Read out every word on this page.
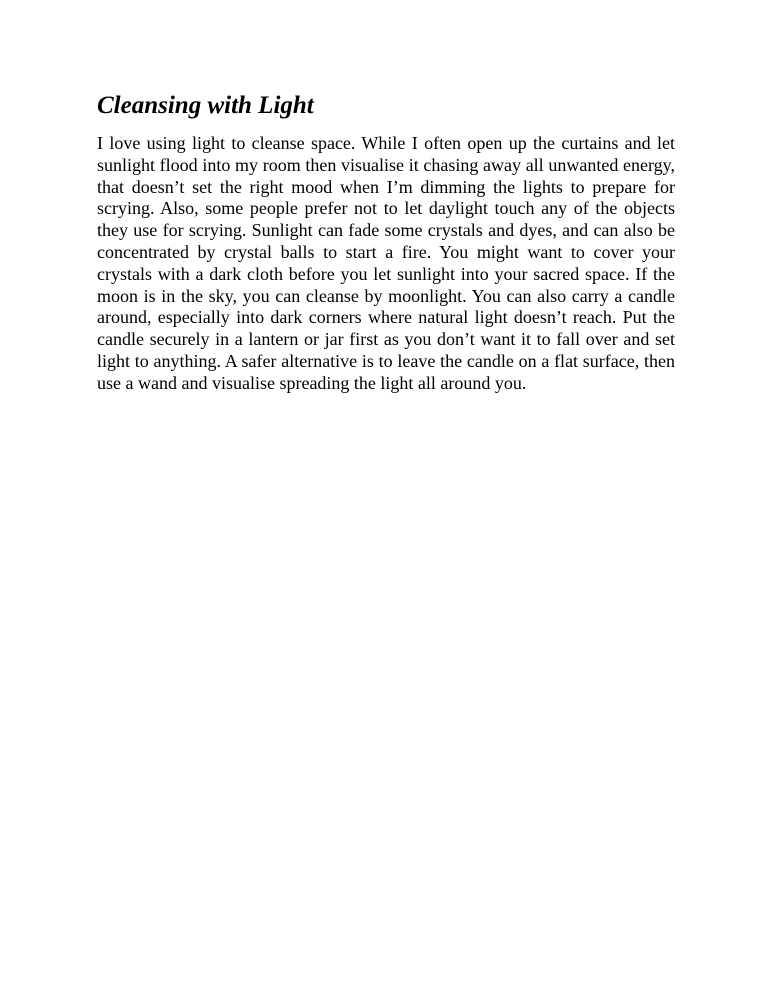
Cleansing with Light

I love using light to cleanse space. While I often open up the curtains and let sunlight flood into my room then visualise it chasing away all unwanted energy, that doesn’t set the right mood when I’m dimming the lights to prepare for scrying. Also, some people prefer not to let daylight touch any of the objects they use for scrying. Sunlight can fade some crystals and dyes, and can also be concentrated by crystal balls to start a fire. You might want to cover your crystals with a dark cloth before you let sunlight into your sacred space. If the moon is in the sky, you can cleanse by moonlight. You can also carry a candle around, especially into dark corners where natural light doesn’t reach. Put the candle securely in a lantern or jar first as you don’t want it to fall over and set light to anything. A safer alternative is to leave the candle on a flat surface, then use a wand and visualise spreading the light all around you.
